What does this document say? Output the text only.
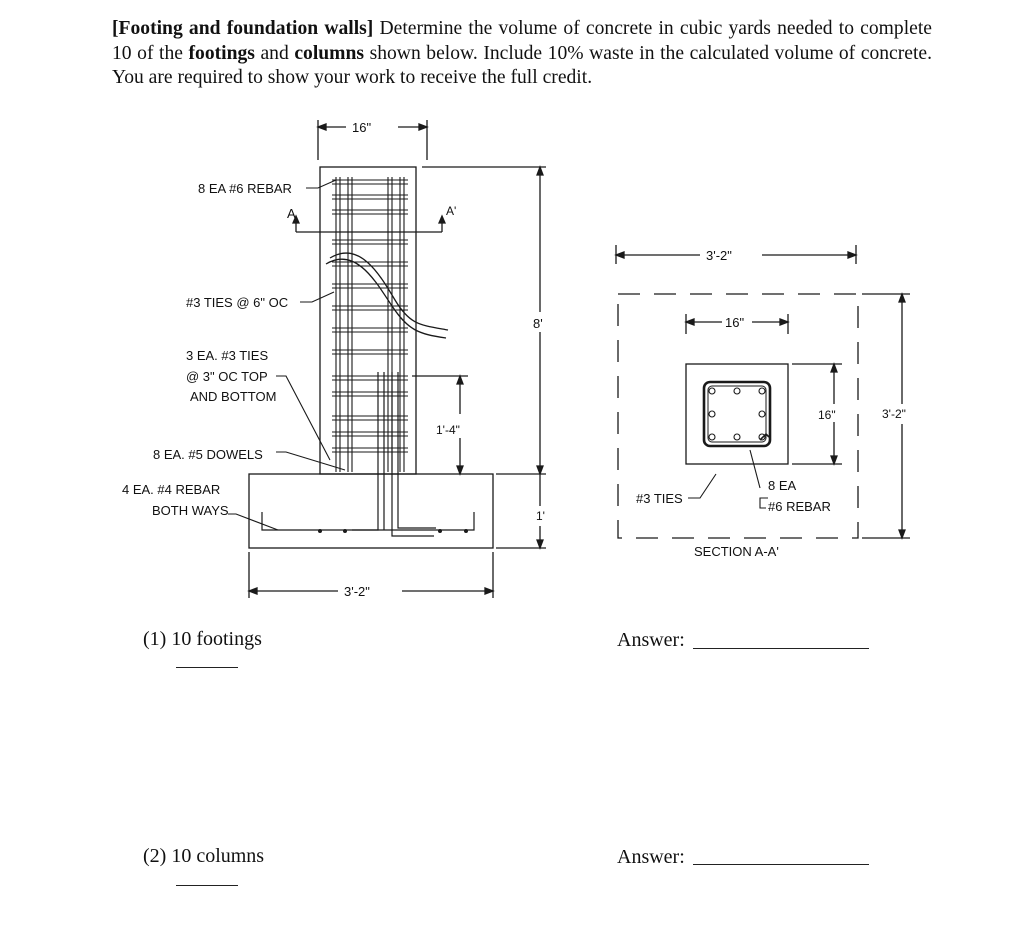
[Footing and foundation walls] Determine the volume of concrete in cubic yards needed to complete 10 of the footings and columns shown below. Include 10% waste in the calculated volume of concrete. You are required to show your work to receive the full credit.
16"
A	A'
8 EA #6 REBAR
#3 TIES @ 6" OC
3 EA. #3 TIES
@ 3" OC TOP
AND BOTTOM
8 EA. #5 DOWELS
4 EA. #4 REBAR
BOTH WAYS
8'
1'-4"
1'
3'-2"
3'-2"
16"
16"	3'-2"
#3 TIES
8 EA
#6 REBAR
SECTION A-A'
(1) 10 footings	Answer:
(2) 10 columns	Answer:
